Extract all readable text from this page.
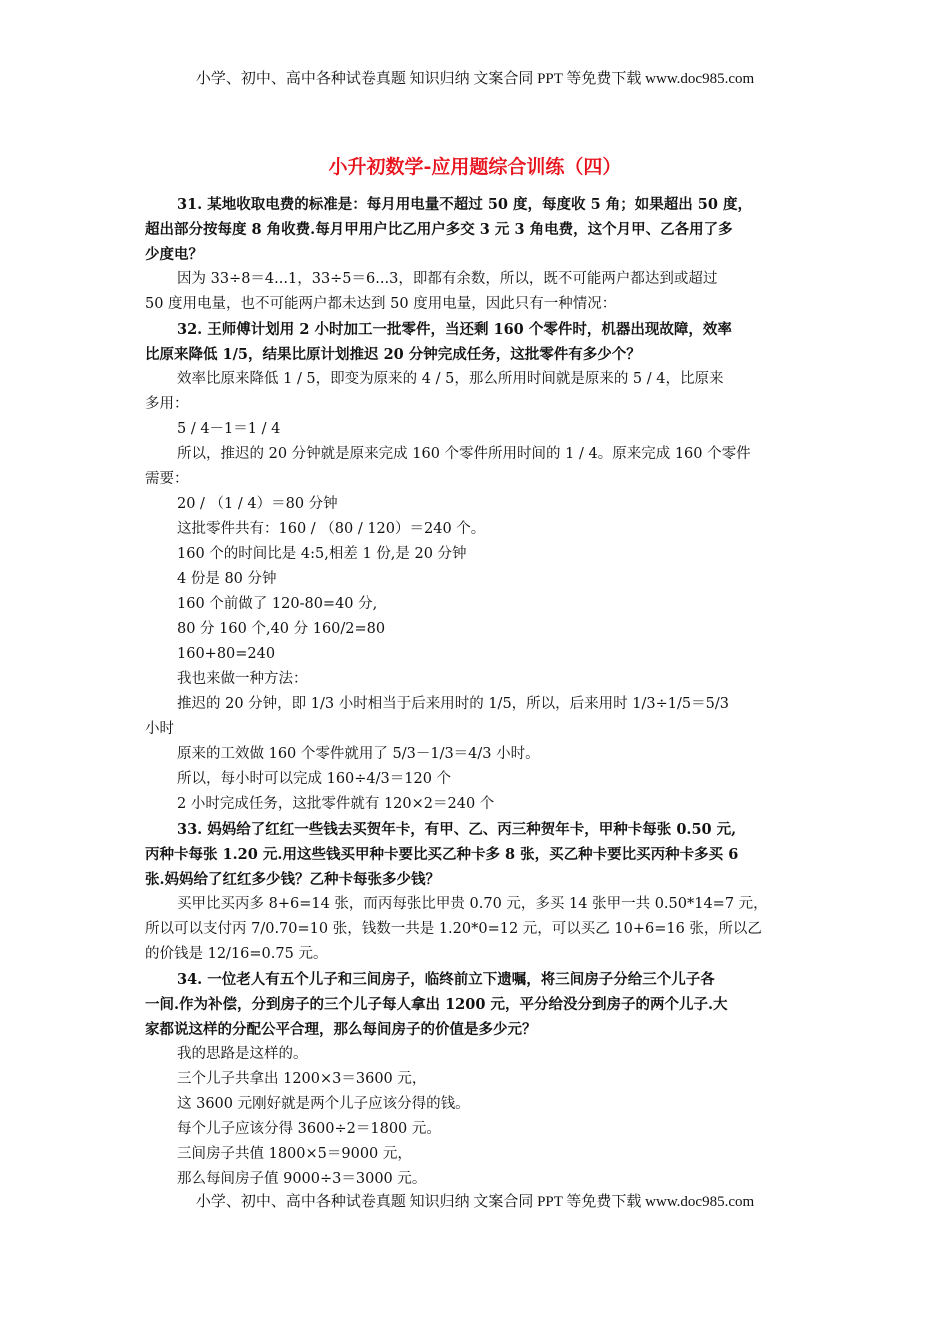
小学、初中、高中各种试卷真题 知识归纳 文案合同 PPT 等免费下载 www.doc985.com
小升初数学-应用题综合训练（四）
31. 某地收取电费的标准是：每月用电量不超过 50 度，每度收 5 角；如果超出 50 度，
超出部分按每度 8 角收费.每月甲用户比乙用户多交 3 元 3 角电费，这个月甲、乙各用了多
少度电？
因为 33÷8＝4...1，33÷5＝6...3，即都有余数，所以，既不可能两户都达到或超过
50 度用电量，也不可能两户都未达到 50 度用电量，因此只有一种情况：
32. 王师傅计划用 2 小时加工一批零件，当还剩 160 个零件时，机器出现故障，效率
比原来降低 1/5，结果比原计划推迟 20 分钟完成任务，这批零件有多少个？
效率比原来降低 1 / 5，即变为原来的 4 / 5，那么所用时间就是原来的 5 / 4，比原来
多用：
5 / 4－1＝1 / 4
所以，推迟的 20 分钟就是原来完成 160 个零件所用时间的 1 / 4。原来完成 160 个零件
需要：
20 / （1 / 4）＝80 分钟
这批零件共有：160 / （80 / 120）＝240 个。
160 个的时间比是 4:5,相差 1 份,是 20 分钟
4 份是 80 分钟
160 个前做了 120-80=40 分,
80 分 160 个,40 分 160/2=80
160+80=240
我也来做一种方法：
推迟的 20 分钟，即 1/3 小时相当于后来用时的 1/5，所以，后来用时 1/3÷1/5＝5/3
小时
原来的工效做 160 个零件就用了 5/3－1/3＝4/3 小时。
所以，每小时可以完成 160÷4/3＝120 个
2 小时完成任务，这批零件就有 120×2＝240 个
33. 妈妈给了红红一些钱去买贺年卡，有甲、乙、丙三种贺年卡，甲种卡每张 0.50 元,
丙种卡每张 1.20 元.用这些钱买甲种卡要比买乙种卡多 8 张，买乙种卡要比买丙种卡多买 6
张.妈妈给了红红多少钱？乙种卡每张多少钱？
买甲比买丙多 8+6=14 张，而丙每张比甲贵 0.70 元，多买 14 张甲一共 0.50*14=7 元，
所以可以支付丙 7/0.70=10 张，钱数一共是 1.20*0=12 元，可以买乙 10+6=16 张，所以乙
的价钱是 12/16=0.75 元。
34. 一位老人有五个儿子和三间房子，临终前立下遗嘱，将三间房子分给三个儿子各
一间.作为补偿，分到房子的三个儿子每人拿出 1200 元，平分给没分到房子的两个儿子.大
家都说这样的分配公平合理，那么每间房子的价值是多少元？
我的思路是这样的。
三个儿子共拿出 1200×3＝3600 元，
这 3600 元刚好就是两个儿子应该分得的钱。
每个儿子应该分得 3600÷2＝1800 元。
三间房子共值 1800×5＝9000 元，
那么每间房子值 9000÷3＝3000 元。
小学、初中、高中各种试卷真题 知识归纳 文案合同 PPT 等免费下载 www.doc985.com
